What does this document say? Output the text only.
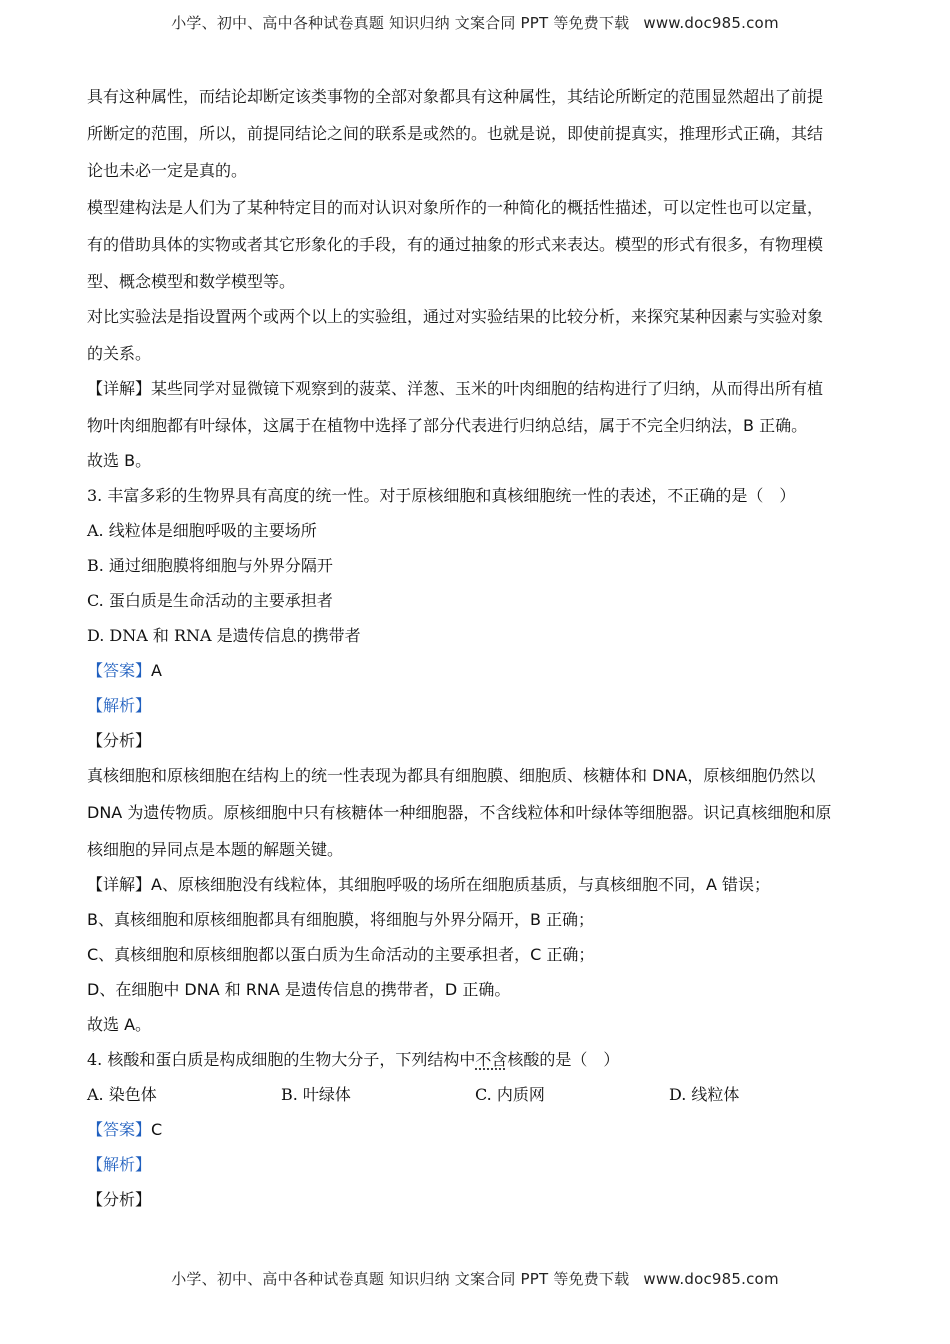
小学、初中、高中各种试卷真题 知识归纳 文案合同 PPT 等免费下载 www.doc985.com

具有这种属性，而结论却断定该类事物的全部对象都具有这种属性，其结论所断定的范围显然超出了前提

所断定的范围，所以，前提同结论之间的联系是或然的。也就是说，即使前提真实，推理形式正确，其结

论也未必一定是真的。

模型建构法是人们为了某种特定目的而对认识对象所作的一种简化的概括性描述，可以定性也可以定量，

有的借助具体的实物或者其它形象化的手段，有的通过抽象的形式来表达。模型的形式有很多，有物理模

型、概念模型和数学模型等。

对比实验法是指设置两个或两个以上的实验组，通过对实验结果的比较分析，来探究某种因素与实验对象

的关系。

【详解】某些同学对显微镜下观察到的菠菜、洋葱、玉米的叶肉细胞的结构进行了归纳，从而得出所有植

物叶肉细胞都有叶绿体，这属于在植物中选择了部分代表进行归纳总结，属于不完全归纳法，B 正确。

故选 B。

3. 丰富多彩的生物界具有高度的统一性。对于原核细胞和真核细胞统一性的表述，不正确的是（　）

A. 线粒体是细胞呼吸的主要场所

B. 通过细胞膜将细胞与外界分隔开

C. 蛋白质是生命活动的主要承担者

D. DNA 和 RNA 是遗传信息的携带者

【答案】A

【解析】

【分析】

真核细胞和原核细胞在结构上的统一性表现为都具有细胞膜、细胞质、核糖体和 DNA，原核细胞仍然以

DNA 为遗传物质。原核细胞中只有核糖体一种细胞器，不含线粒体和叶绿体等细胞器。识记真核细胞和原

核细胞的异同点是本题的解题关键。

【详解】A、原核细胞没有线粒体，其细胞呼吸的场所在细胞质基质，与真核细胞不同，A 错误；

B、真核细胞和原核细胞都具有细胞膜，将细胞与外界分隔开，B 正确；

C、真核细胞和原核细胞都以蛋白质为生命活动的主要承担者，C 正确；

D、在细胞中 DNA 和 RNA 是遗传信息的携带者，D 正确。

故选 A。

4. 核酸和蛋白质是构成细胞的生物大分子，下列结构中不含核酸的是（　）

A. 染色体	B. 叶绿体	C. 内质网	D. 线粒体

【答案】C

【解析】

【分析】

小学、初中、高中各种试卷真题 知识归纳 文案合同 PPT 等免费下载 www.doc985.com
